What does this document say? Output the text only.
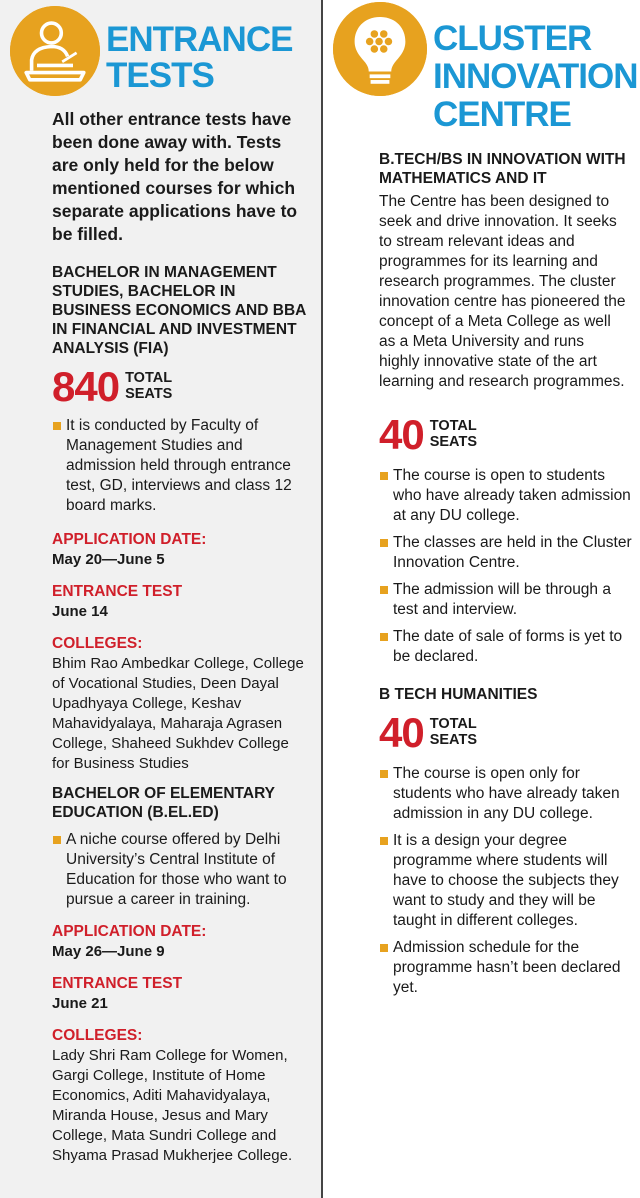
ENTRANCE
TESTS
All other entrance tests have been done away with. Tests are only held for the below mentioned courses for which separate applications have to be filled.
BACHELOR IN MANAGEMENT STUDIES, BACHELOR IN BUSINESS ECONOMICS AND BBA IN FINANCIAL AND INVESTMENT ANALYSIS (FIA)
840 TOTAL
SEATS
It is conducted by Faculty of Management Studies and admission held through entrance test, GD, interviews and class 12 board marks.
APPLICATION DATE:
May 20—June 5
ENTRANCE TEST
June 14
COLLEGES:
Bhim Rao Ambedkar College, College of Vocational Studies, Deen Dayal Upadhyaya College, Keshav Mahavidyalaya, Maharaja Agrasen College, Shaheed Sukhdev College for Business Studies
BACHELOR OF ELEMENTARY EDUCATION (B.EL.ED)
A niche course offered by Delhi University’s Central Institute of Education for those who want to pursue a career in training.
APPLICATION DATE:
May 26—June 9
ENTRANCE TEST
June 21
COLLEGES:
Lady Shri Ram College for Women, Gargi College, Institute of Home Economics, Aditi Mahavidyalaya, Miranda House, Jesus and Mary College, Mata Sundri College and Shyama Prasad Mukherjee College.
CLUSTER
INNOVATION
CENTRE
B.TECH/BS IN INNOVATION WITH MATHEMATICS AND IT
The Centre has been designed to seek and drive innovation. It seeks to stream relevant ideas and programmes for its learning and research programmes. The cluster innovation centre has pioneered the concept of a Meta College as well as a Meta University and runs highly innovative state of the art learning and research programmes.
40 TOTAL
SEATS
The course is open to students who have already taken admission at any DU college.
The classes are held in the Cluster Innovation Centre.
The admission will be through a test and interview.
The date of sale of forms is yet to be declared.
B TECH HUMANITIES
40 TOTAL
SEATS
The course is open only for students who have already taken admission in any DU college.
It is a design your degree programme where students will have to choose the subjects they want to study and they will be taught in different colleges.
Admission schedule for the programme hasn’t been declared yet.
